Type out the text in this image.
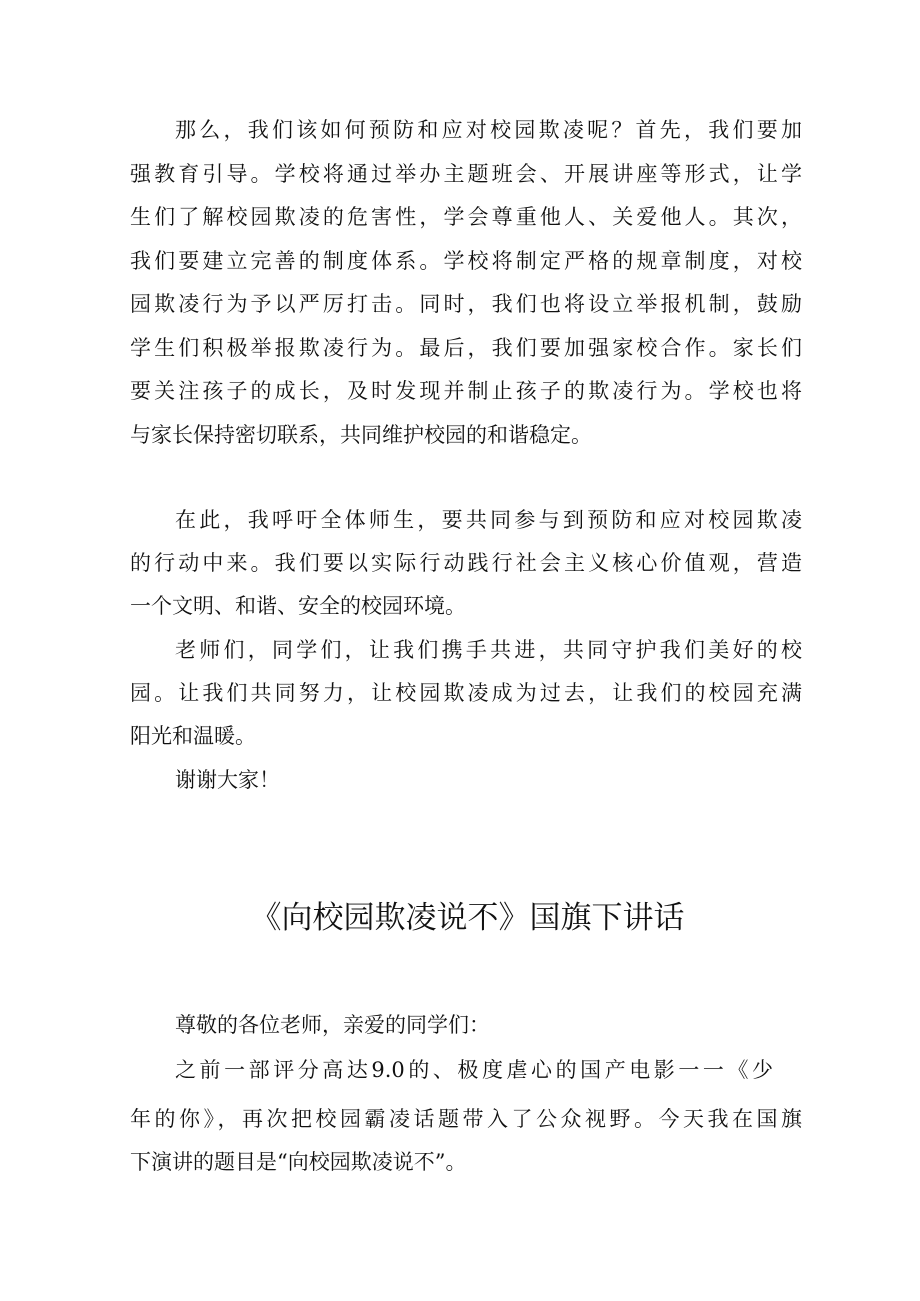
那么，我们该如何预防和应对校园欺凌呢？首先，我们要加
强教育引导。学校将通过举办主题班会、开展讲座等形式，让学
生们了解校园欺凌的危害性，学会尊重他人、关爱他人。其次，
我们要建立完善的制度体系。学校将制定严格的规章制度，对校
园欺凌行为予以严厉打击。同时，我们也将设立举报机制，鼓励
学生们积极举报欺凌行为。最后，我们要加强家校合作。家长们
要关注孩子的成长，及时发现并制止孩子的欺凌行为。学校也将
与家长保持密切联系，共同维护校园的和谐稳定。
在此，我呼吁全体师生，要共同参与到预防和应对校园欺凌
的行动中来。我们要以实际行动践行社会主义核心价值观，营造
一个文明、和谐、安全的校园环境。
老师们，同学们，让我们携手共进，共同守护我们美好的校
园。让我们共同努力，让校园欺凌成为过去，让我们的校园充满
阳光和温暖。
谢谢大家！
《向校园欺凌说不》国旗下讲话
尊敬的各位老师，亲爱的同学们：
之前一部评分高达9.0的、极度虐心的国产电影一一《少
年的你》，再次把校园霸凌话题带入了公众视野。今天我在国旗
下演讲的题目是“向校园欺凌说不”。
